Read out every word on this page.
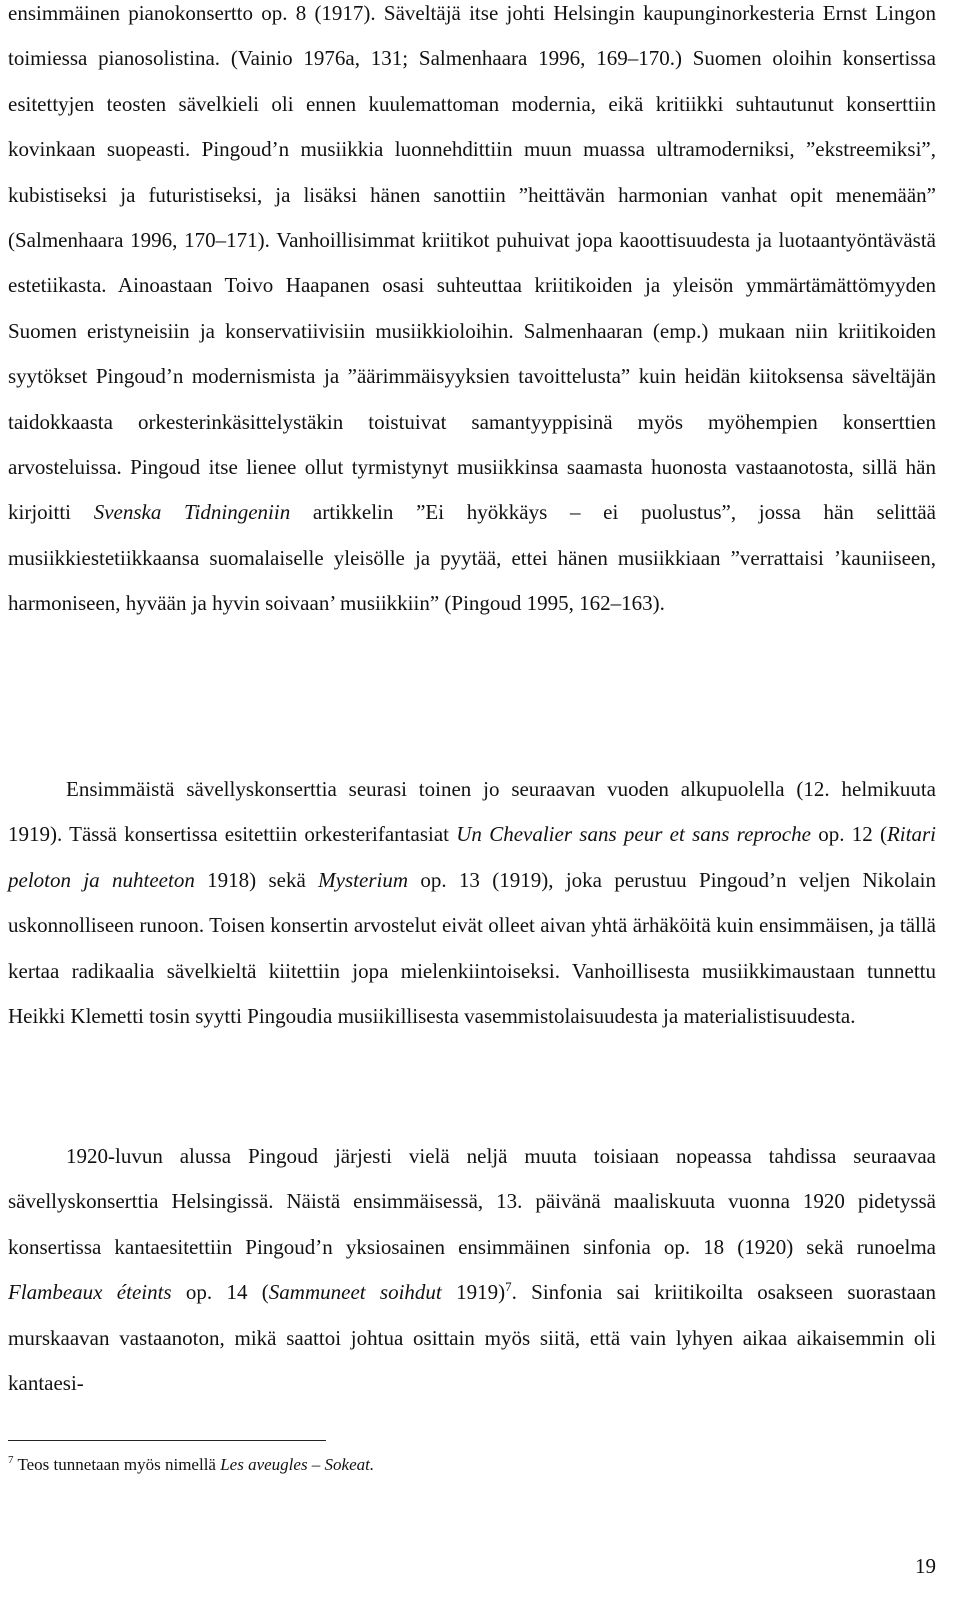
ensimmäinen pianokonsertto op. 8 (1917). Säveltäjä itse johti Helsingin kaupunginorkesteria Ernst Lingon toimiessa pianosolistina. (Vainio 1976a, 131; Salmenhaara 1996, 169–170.) Suomen oloihin konsertissa esitettyjen teosten sävelkieli oli ennen kuulemattoman modernia, eikä kritiikki suhtautunut konserttiin kovinkaan suopeasti. Pingoud’n musiikkia luonnehdittiin muun muassa ultramoderniksi, ”ekstreemiksi”, kubistiseksi ja futuristiseksi, ja lisäksi hänen sanottiin ”heittävän harmonian vanhat opit menemään” (Salmenhaara 1996, 170–171). Vanhoillisimmat kriitikot puhuivat jopa kaoottisuudesta ja luotaantyöntävästä estetiikasta. Ainoastaan Toivo Haapanen osasi suhteuttaa kriitikoiden ja yleisön ymmärtämättömyyden Suomen eristyneisiin ja konservatiivisiin musiikkioloihin. Salmenhaaran (emp.) mukaan niin kriitikoiden syytökset Pingoud’n modernismista ja ”äärimmäisyyksien tavoittelusta” kuin heidän kiitoksensa säveltäjän taidokkaasta orkesterinkäsittelystäkin toistuivat samantyyppisinä myös myöhempien konserttien arvosteluissa. Pingoud itse lienee ollut tyrmistynyt musiikkinsa saamasta huonosta vastaanotosta, sillä hän kirjoitti Svenska Tidningeniin artikkelin ”Ei hyökkäys – ei puolustus”, jossa hän selittää musiikkiestetiikkaansa suomalaiselle yleisölle ja pyytää, ettei hänen musiikkiaan ”verrattaisi ’kauniiseen, harmoniseen, hyvään ja hyvin soivaan’ musiikkiin” (Pingoud 1995, 162–163).

Ensimmäistä sävellyskonserttia seurasi toinen jo seuraavan vuoden alkupuolella (12. helmikuuta 1919). Tässä konsertissa esitettiin orkesterifantasiat Un Chevalier sans peur et sans reproche op. 12 (Ritari peloton ja nuhteeton 1918) sekä Mysterium op. 13 (1919), joka perustuu Pingoud’n veljen Nikolain uskonnolliseen runoon. Toisen konsertin arvostelut eivät olleet aivan yhtä ärhäköitä kuin ensimmäisen, ja tällä kertaa radikaalia sävelkieltä kiitettiin jopa mielenkiintoiseksi. Vanhoillisesta musiikkimaustaan tunnettu Heikki Klemetti tosin syytti Pingoudia musiikillisesta vasemmistolaisuudesta ja materialistisuudesta.

1920-luvun alussa Pingoud järjesti vielä neljä muuta toisiaan nopeassa tahdissa seuraavaa sävellyskonserttia Helsingissä. Näistä ensimmäisessä, 13. päivänä maaliskuuta vuonna 1920 pidetyssä konsertissa kantaesitettiin Pingoud’n yksiosainen ensimmäinen sinfonia op. 18 (1920) sekä runoelma Flambeaux éteints op. 14 (Sammuneet soihdut 1919)$^7$. Sinfonia sai kriitikoilta osakseen suorastaan murskaavan vastaanoton, mikä saattoi johtua osittain myös siitä, että vain lyhyen aikaa aikaisemmin oli kantaesi-

$^7$ Teos tunnetaan myös nimellä Les aveugles – Sokeat.

19
